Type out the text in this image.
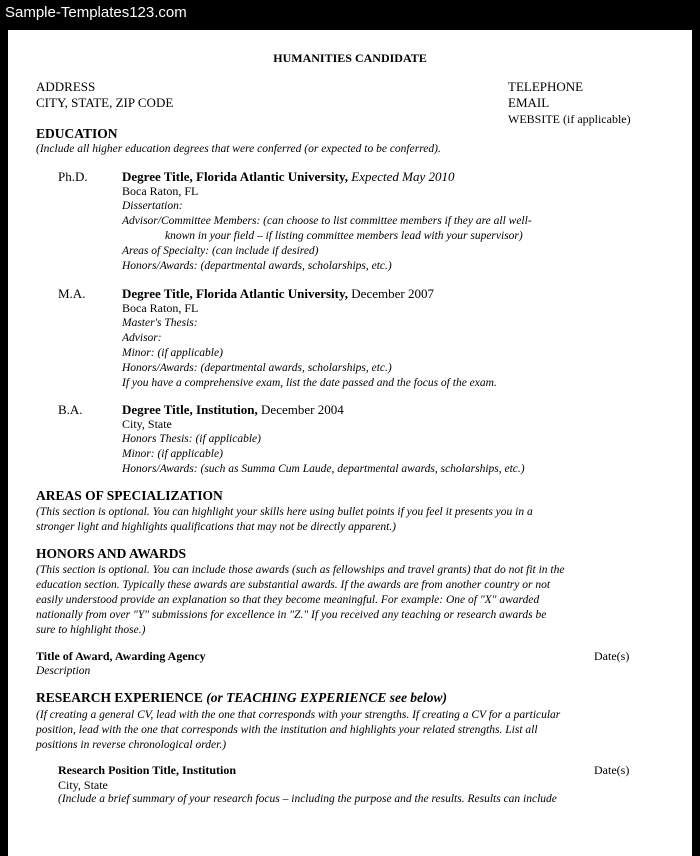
Sample-Templates123.com
HUMANITIES CANDIDATE
ADDRESS
CITY, STATE, ZIP CODE
TELEPHONE
EMAIL
WEBSITE (if applicable)
EDUCATION
(Include all higher education degrees that were conferred (or expected to be conferred).
Ph.D.	Degree Title, Florida Atlantic University, Expected May 2010
Boca Raton, FL
Dissertation:
Advisor/Committee Members: (can choose to list committee members if they are all well-
known in your field – if listing committee members lead with your supervisor)
Areas of Specialty: (can include if desired)
Honors/Awards: (departmental awards, scholarships, etc.)
M.A.	Degree Title, Florida Atlantic University, December 2007
Boca Raton, FL
Master's Thesis:
Advisor:
Minor: (if applicable)
Honors/Awards: (departmental awards, scholarships, etc.)
If you have a comprehensive exam, list the date passed and the focus of the exam.
B.A.	Degree Title, Institution, December 2004
City, State
Honors Thesis: (if applicable)
Minor: (if applicable)
Honors/Awards: (such as Summa Cum Laude, departmental awards, scholarships, etc.)
AREAS OF SPECIALIZATION
(This section is optional. You can highlight your skills here using bullet points if you feel it presents you in a
stronger light and highlights qualifications that may not be directly apparent.)
HONORS AND AWARDS
(This section is optional. You can include those awards (such as fellowships and travel grants) that do not fit in the
education section. Typically these awards are substantial awards. If the awards are from another country or not
easily understood provide an explanation so that they become meaningful. For example: One of "X" awarded
nationally from over "Y" submissions for excellence in "Z." If you received any teaching or research awards be
sure to highlight those.)
Title of Award, Awarding Agency	Date(s)
Description
RESEARCH EXPERIENCE (or TEACHING EXPERIENCE see below)
(If creating a general CV, lead with the one that corresponds with your strengths. If creating a CV for a particular
position, lead with the one that corresponds with the institution and highlights your related strengths. List all
positions in reverse chronological order.)
Research Position Title, Institution	Date(s)
City, State
(Include a brief summary of your research focus – including the purpose and the results. Results can include
